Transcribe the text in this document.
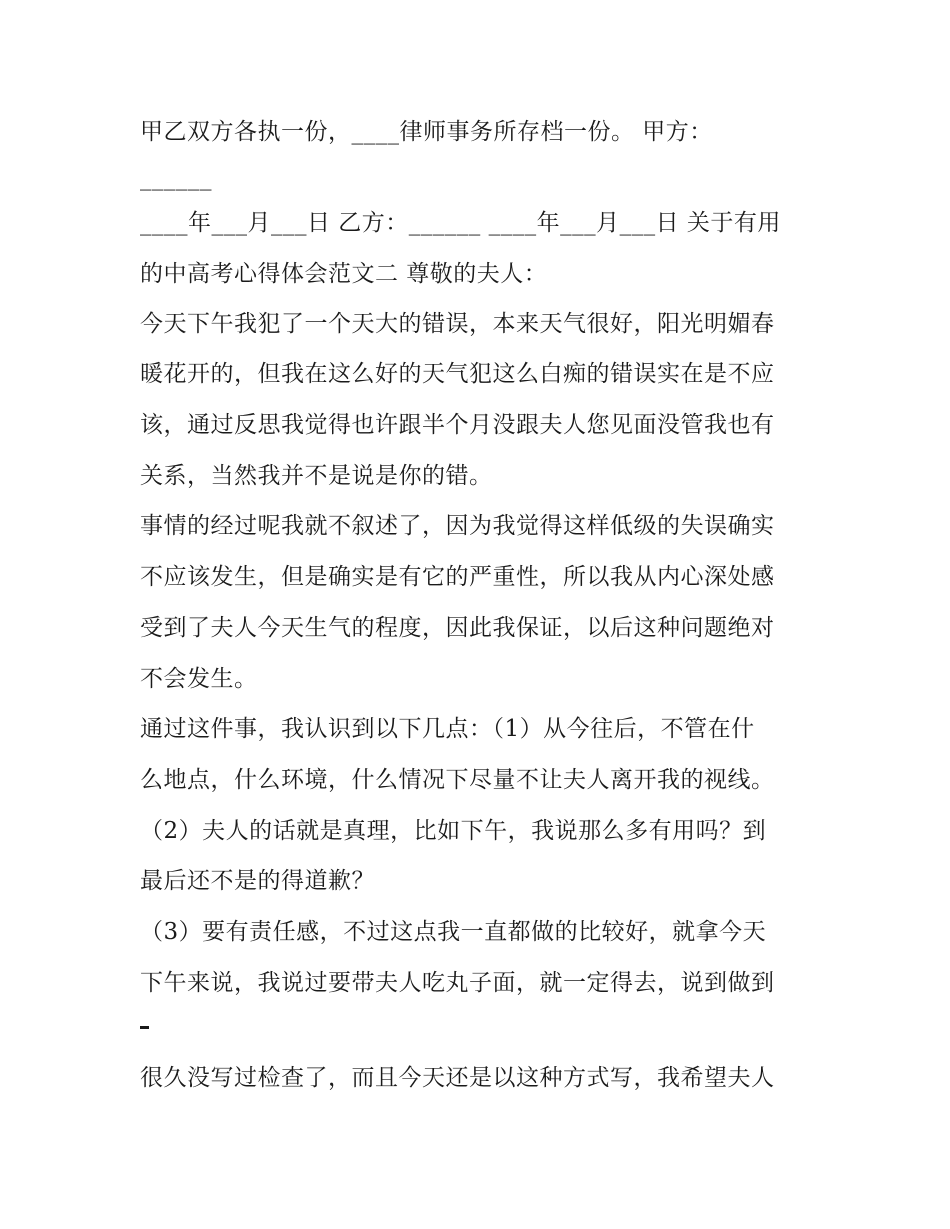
甲乙双方各执一份，____律师事务所存档一份。 甲方：

______

____年___月___日 乙方：______ ____年___月___日 关于有用

的中高考心得体会范文二 尊敬的夫人：

今天下午我犯了一个天大的错误，本来天气很好，阳光明媚春

暖花开的，但我在这么好的天气犯这么白痴的错误实在是不应

该，通过反思我觉得也许跟半个月没跟夫人您见面没管我也有

关系，当然我并不是说是你的错。

事情的经过呢我就不叙述了，因为我觉得这样低级的失误确实

不应该发生，但是确实是有它的严重性，所以我从内心深处感

受到了夫人今天生气的程度，因此我保证，以后这种问题绝对

不会发生。

通过这件事，我认识到以下几点：（1）从今往后，不管在什

么地点，什么环境，什么情况下尽量不让夫人离开我的视线。

（2）夫人的话就是真理，比如下午，我说那么多有用吗？到

最后还不是的得道歉？

（3）要有责任感，不过这点我一直都做的比较好，就拿今天

下午来说，我说过要带夫人吃丸子面，就一定得去，说到做到

很久没写过检查了，而且今天还是以这种方式写，我希望夫人
